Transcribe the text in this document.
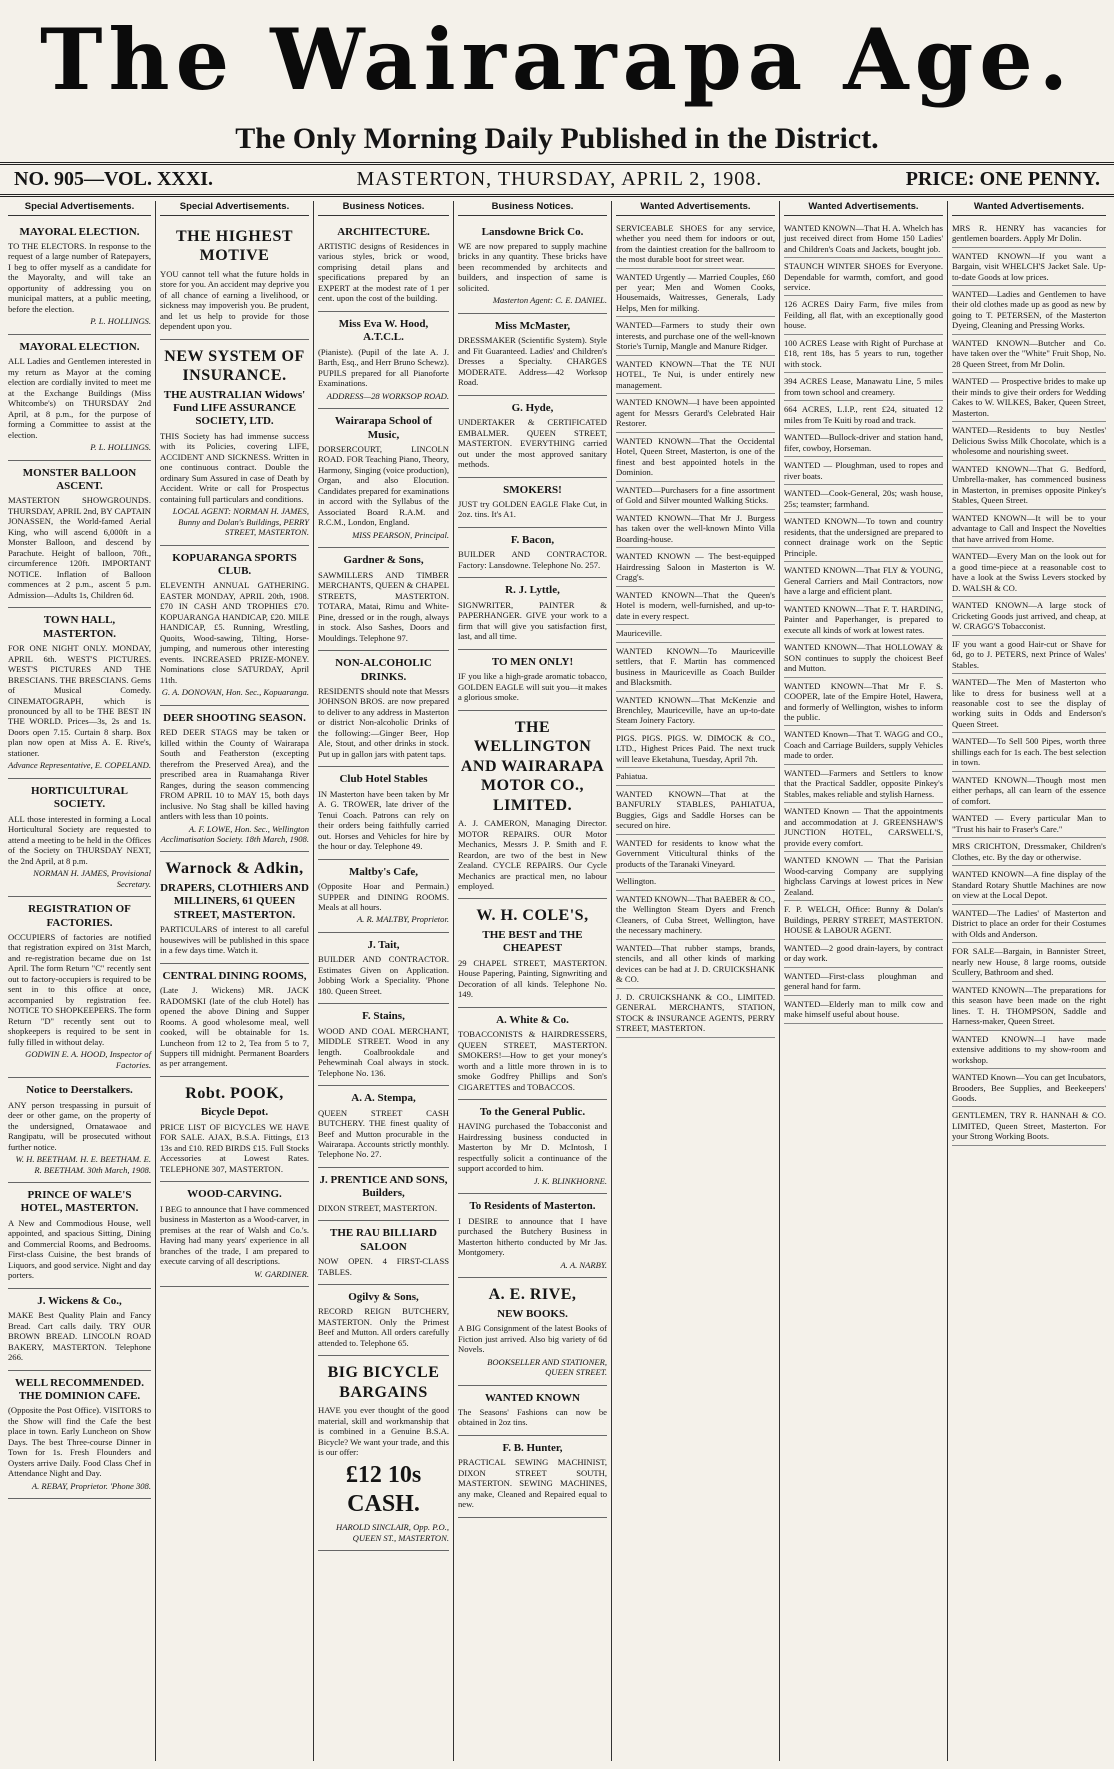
The Wairarapa Age.
The Only Morning Daily Published in the District.
NO. 905—VOL. XXXI.	MASTERTON, THURSDAY, APRIL 2, 1908.	PRICE: ONE PENNY.
Special Advertisements.
MAYORAL ELECTION.
TO THE ELECTORS. In response to the request of a large number of Ratepayers, I beg to offer myself as a candidate for the Mayoralty, and will take an opportunity of addressing you on municipal matters, at a public meeting, before the election.
P. L. HOLLINGS.
MAYORAL ELECTION.
ALL Ladies and Gentlemen interested in my return as Mayor at the coming election are cordially invited to meet me at the Exchange Buildings (Miss Whitcombe's) on THURSDAY 2nd April, at 8 p.m., for the purpose of forming a Committee to assist at the election.
P. L. HOLLINGS.
MONSTER BALLOON ASCENT.
MASTERTON SHOWGROUNDS. THURSDAY, APRIL 2nd, BY CAPTAIN JONASSEN, the World-famed Aerial King, who will ascend 6,000ft in a Monster Balloon, and descend by Parachute. Height of balloon, 70ft., circumference 120ft. IMPORTANT NOTICE. Inflation of Balloon commences at 2 p.m., ascent 5 p.m. Admission—Adults 1s, Children 6d.
TOWN HALL, MASTERTON.
FOR ONE NIGHT ONLY. MONDAY, APRIL 6th. WEST'S PICTURES. WEST'S PICTURES AND THE BRESCIANS. THE BRESCIANS. Gems of Musical Comedy. CINEMATOGRAPH, which is pronounced by all to be THE BEST IN THE WORLD. Prices—3s, 2s and 1s. Doors open 7.15. Curtain 8 sharp. Box plan now open at Miss A. E. Rive's, stationer.
Advance Representative, E. COPELAND.
HORTICULTURAL SOCIETY.
ALL those interested in forming a Local Horticultural Society are requested to attend a meeting to be held in the Offices of the Society on THURSDAY NEXT, the 2nd April, at 8 p.m.
NORMAN H. JAMES, Provisional Secretary.
REGISTRATION OF FACTORIES.
OCCUPIERS of factories are notified that registration expired on 31st March, and re-registration became due on 1st April. The form Return "C" recently sent out to factory-occupiers is required to be sent in to this office at once, accompanied by registration fee. NOTICE TO SHOPKEEPERS. The form Return "D" recently sent out to shopkeepers is required to be sent in fully filled in without delay.
GODWIN E. A. HOOD, Inspector of Factories.
Notice to Deerstalkers.
ANY person trespassing in pursuit of deer or other game, on the property of the undersigned, Ornatawaoe and Rangipatu, will be prosecuted without further notice.
W. H. BEETHAM. H. E. BEETHAM. E. R. BEETHAM. 30th March, 1908.
PRINCE OF WALE'S HOTEL, MASTERTON.
A New and Commodious House, well appointed, and spacious Sitting, Dining and Commercial Rooms, and Bedrooms. First-class Cuisine, the best brands of Liquors, and good service. Night and day porters.
J. Wickens & Co.,
MAKE Best Quality Plain and Fancy Bread. Cart calls daily. TRY OUR BROWN BREAD. LINCOLN ROAD BAKERY, MASTERTON. Telephone 266.
WELL RECOMMENDED. THE DOMINION CAFE.
(Opposite the Post Office). VISITORS to the Show will find the Cafe the best place in town. Early Luncheon on Show Days. The best Three-course Dinner in Town for 1s. Fresh Flounders and Oysters arrive Daily. Food Class Chef in Attendance Night and Day.
A. REBAY, Proprietor. 'Phone 308.
Special Advertisements.
THE HIGHEST MOTIVE
YOU cannot tell what the future holds in store for you. An accident may deprive you of all chance of earning a livelihood, or sickness may impoverish you. Be prudent, and let us help to provide for those dependent upon you.
NEW SYSTEM OF INSURANCE.
THE AUSTRALIAN Widows' Fund LIFE ASSURANCE SOCIETY, LTD.
THIS Society has had immense success with its Policies, covering LIFE, ACCIDENT AND SICKNESS. Written in one continuous contract. Double the ordinary Sum Assured in case of Death by Accident. Write or call for Prospectus containing full particulars and conditions.
LOCAL AGENT: NORMAN H. JAMES, Bunny and Dolan's Buildings, PERRY STREET, MASTERTON.
KOPUARANGA SPORTS CLUB.
ELEVENTH ANNUAL GATHERING. EASTER MONDAY, APRIL 20th, 1908. £70 IN CASH AND TROPHIES £70. KOPUARANGA HANDICAP, £20. MILE HANDICAP, £5. Running, Wrestling, Quoits, Wood-sawing, Tilting, Horse-jumping, and numerous other interesting events. INCREASED PRIZE-MONEY. Nominations close SATURDAY, April 11th.
G. A. DONOVAN, Hon. Sec., Kopuaranga.
DEER SHOOTING SEASON.
RED DEER STAGS may be taken or killed within the County of Wairarapa South and Featherston (excepting therefrom the Preserved Area), and the prescribed area in Ruamahanga River Ranges, during the season commencing FROM APRIL 10 to MAY 15, both days inclusive. No Stag shall be killed having antlers with less than 10 points.
A. F. LOWE, Hon. Sec., Wellington Acclimatisation Society. 18th March, 1908.
Warnock & Adkin,
DRAPERS, CLOTHIERS AND MILLINERS, 61 QUEEN STREET, MASTERTON.
PARTICULARS of interest to all careful housewives will be published in this space in a few days time. Watch it.
CENTRAL DINING ROOMS,
(Late J. Wickens) MR. JACK RADOMSKI (late of the club Hotel) has opened the above Dining and Supper Rooms. A good wholesome meal, well cooked, will be obtainable for 1s. Luncheon from 12 to 2, Tea from 5 to 7, Suppers till midnight. Permanent Boarders as per arrangement.
Robt. POOK,
Bicycle Depot.
PRICE LIST OF BICYCLES WE HAVE FOR SALE. AJAX, B.S.A. Fittings, £13 13s and £10. RED BIRDS £15. Full Stocks Accessories at Lowest Rates. TELEPHONE 307, MASTERTON.
WOOD-CARVING.
I BEG to announce that I have commenced business in Masterton as a Wood-carver, in premises at the rear of Walsh and Co.'s. Having had many years' experience in all branches of the trade, I am prepared to execute carving of all descriptions.
W. GARDINER.
Business Notices.
ARCHITECTURE.
ARTISTIC designs of Residences in various styles, brick or wood, comprising detail plans and specifications prepared by an EXPERT at the modest rate of 1 per cent. upon the cost of the building.
Miss Eva W. Hood, A.T.C.L.
(Pianiste). (Pupil of the late A. J. Barth, Esq., and Herr Bruno Schewz). PUPILS prepared for all Pianoforte Examinations.
ADDRESS—28 WORKSOP ROAD.
Wairarapa School of Music,
DORSERCOURT, LINCOLN ROAD. FOR Teaching Piano, Theory, Harmony, Singing (voice production), Organ, and also Elocution. Candidates prepared for examinations in accord with the Syllabus of the Associated Board R.A.M. and R.C.M., London, England.
MISS PEARSON, Principal.
Gardner & Sons,
SAWMILLERS AND TIMBER MERCHANTS, QUEEN & CHAPEL STREETS, MASTERTON. TOTARA, Matai, Rimu and White-Pine, dressed or in the rough, always in stock. Also Sashes, Doors and Mouldings. Telephone 97.
NON-ALCOHOLIC DRINKS.
RESIDENTS should note that Messrs JOHNSON BROS. are now prepared to deliver to any address in Masterton or district Non-alcoholic Drinks of the following:—Ginger Beer, Hop Ale, Stout, and other drinks in stock. Put up in gallon jars with patent taps.
Club Hotel Stables
IN Masterton have been taken by Mr A. G. TROWER, late driver of the Tenui Coach. Patrons can rely on their orders being faithfully carried out. Horses and Vehicles for hire by the hour or day. Telephone 49.
Maltby's Cafe,
(Opposite Hoar and Permain.) SUPPER and DINING ROOMS. Meals at all hours.
A. R. MALTBY, Proprietor.
J. Tait,
BUILDER AND CONTRACTOR. Estimates Given on Application. Jobbing Work a Speciality. 'Phone 180. Queen Street.
F. Stains,
WOOD AND COAL MERCHANT, MIDDLE STREET. Wood in any length. Coalbrookdale and Pehewminah Coal always in stock. Telephone No. 136.
A. A. Stempa,
QUEEN STREET CASH BUTCHERY. THE finest quality of Beef and Mutton procurable in the Wairarapa. Accounts strictly monthly. Telephone No. 27.
J. PRENTICE AND SONS, Builders,
DIXON STREET, MASTERTON.
THE RAU BILLIARD SALOON
NOW OPEN. 4 FIRST-CLASS TABLES.
Ogilvy & Sons,
RECORD REIGN BUTCHERY, MASTERTON. Only the Primest Beef and Mutton. All orders carefully attended to. Telephone 65.
BIG BICYCLE BARGAINS
HAVE you ever thought of the good material, skill and workmanship that is combined in a Genuine B.S.A. Bicycle? We want your trade, and this is our offer:
£12 10s CASH.
HAROLD SINCLAIR, Opp. P.O., QUEEN ST., MASTERTON.
Business Notices.
Lansdowne Brick Co.
WE are now prepared to supply machine bricks in any quantity. These bricks have been recommended by architects and builders, and inspection of same is solicited.
Masterton Agent: C. E. DANIEL.
Miss McMaster,
DRESSMAKER (Scientific System). Style and Fit Guaranteed. Ladies' and Children's Dresses a Specialty. CHARGES MODERATE. Address—42 Worksop Road.
G. Hyde,
UNDERTAKER & CERTIFICATED EMBALMER. QUEEN STREET, MASTERTON. EVERYTHING carried out under the most approved sanitary methods.
SMOKERS!
JUST try GOLDEN EAGLE Flake Cut, in 2oz. tins. It's A1.
F. Bacon,
BUILDER AND CONTRACTOR. Factory: Lansdowne. Telephone No. 257.
R. J. Lyttle,
SIGNWRITER, PAINTER & PAPERHANGER. GIVE your work to a firm that will give you satisfaction first, last, and all time.
TO MEN ONLY!
IF you like a high-grade aromatic tobacco, GOLDEN EAGLE will suit you—it makes a glorious smoke.
THE WELLINGTON AND WAIRARAPA MOTOR CO., LIMITED.
A. J. CAMERON, Managing Director. MOTOR REPAIRS. OUR Motor Mechanics, Messrs J. P. Smith and F. Reardon, are two of the best in New Zealand. CYCLE REPAIRS. Our Cycle Mechanics are practical men, no labour employed.
W. H. COLE'S,
THE BEST and THE CHEAPEST
29 CHAPEL STREET, MASTERTON. House Papering, Painting, Signwriting and Decoration of all kinds. Telephone No. 149.
A. White & Co.
TOBACCONISTS & HAIRDRESSERS, QUEEN STREET, MASTERTON. SMOKERS!—How to get your money's worth and a little more thrown in is to smoke Godfrey Phillips and Son's CIGARETTES and TOBACCOS.
To the General Public.
HAVING purchased the Tobacconist and Hairdressing business conducted in Masterton by Mr D. McIntosh, I respectfully solicit a continuance of the support accorded to him.
J. K. BLINKHORNE.
To Residents of Masterton.
I DESIRE to announce that I have purchased the Butchery Business in Masterton hitherto conducted by Mr Jas. Montgomery.
A. A. NARBY.
A. E. RIVE,
NEW BOOKS.
A BIG Consignment of the latest Books of Fiction just arrived. Also big variety of 6d Novels.
BOOKSELLER AND STATIONER, QUEEN STREET.
WANTED KNOWN
The Seasons' Fashions can now be obtained in 2oz tins.
F. B. Hunter,
PRACTICAL SEWING MACHINIST, DIXON STREET SOUTH, MASTERTON. SEWING MACHINES, any make, Cleaned and Repaired equal to new.
Wanted Advertisements.
SERVICEABLE SHOES for any service, whether you need them for indoors or out, from the daintiest creation for the ballroom to the most durable boot for street wear.
WANTED Urgently — Married Couples, £60 per year; Men and Women Cooks, Housemaids, Waitresses, Generals, Lady Helps, Men for milking.
WANTED—Farmers to study their own interests, and purchase one of the well-known Storie's Turnip, Mangle and Manure Ridger.
WANTED KNOWN—That the TE NUI HOTEL, Te Nui, is under entirely new management.
WANTED KNOWN—I have been appointed agent for Messrs Gerard's Celebrated Hair Restorer.
WANTED KNOWN—That the Occidental Hotel, Queen Street, Masterton, is one of the finest and best appointed hotels in the Dominion.
WANTED—Purchasers for a fine assortment of Gold and Silver mounted Walking Sticks.
WANTED KNOWN—That Mr J. Burgess has taken over the well-known Minto Villa Boarding-house.
WANTED KNOWN — The best-equipped Hairdressing Saloon in Masterton is W. Cragg's.
WANTED KNOWN—That the Queen's Hotel is modern, well-furnished, and up-to-date in every respect.
Mauriceville.
WANTED KNOWN—To Mauriceville settlers, that F. Martin has commenced business in Mauriceville as Coach Builder and Blacksmith.
WANTED KNOWN—That McKenzie and Brenchley, Mauriceville, have an up-to-date Steam Joinery Factory.
PIGS. PIGS. PIGS. W. DIMOCK & CO., LTD., Highest Prices Paid. The next truck will leave Eketahuna, Tuesday, April 7th.
Pahiatua.
WANTED KNOWN—That at the BANFURLY STABLES, PAHIATUA, Buggies, Gigs and Saddle Horses can be secured on hire.
WANTED for residents to know what the Government Viticultural thinks of the products of the Taranaki Vineyard.
Wellington.
WANTED KNOWN—That BAEBER & CO., the Wellington Steam Dyers and French Cleaners, of Cuba Street, Wellington, have the necessary machinery.
WANTED—That rubber stamps, brands, stencils, and all other kinds of marking devices can be had at J. D. CRUICKSHANK & CO.
J. D. CRUICKSHANK & CO., LIMITED. GENERAL MERCHANTS, STATION, STOCK & INSURANCE AGENTS, PERRY STREET, MASTERTON.
Wanted Advertisements.
WANTED KNOWN—That H. A. Whelch has just received direct from Home 150 Ladies' and Children's Coats and Jackets, bought job.
STAUNCH WINTER SHOES for Everyone. Dependable for warmth, comfort, and good service.
126 ACRES Dairy Farm, five miles from Feilding, all flat, with an exceptionally good house.
100 ACRES Lease with Right of Purchase at £18, rent 18s, has 5 years to run, together with stock.
394 ACRES Lease, Manawatu Line, 5 miles from town school and creamery.
664 ACRES, L.I.P., rent £24, situated 12 miles from Te Kuiti by road and track.
WANTED—Bullock-driver and station hand, fifer, cowboy, Horseman.
WANTED — Ploughman, used to ropes and river boats.
WANTED—Cook-General, 20s; wash house, 25s; teamster; farmhand.
WANTED KNOWN—To town and country residents, that the undersigned are prepared to connect drainage work on the Septic Principle.
WANTED KNOWN—That FLY & YOUNG, General Carriers and Mail Contractors, now have a large and efficient plant.
WANTED KNOWN—That F. T. HARDING, Painter and Paperhanger, is prepared to execute all kinds of work at lowest rates.
WANTED KNOWN—That HOLLOWAY & SON continues to supply the choicest Beef and Mutton.
WANTED KNOWN—That Mr F. S. COOPER, late of the Empire Hotel, Hawera, and formerly of Wellington, wishes to inform the public.
WANTED Known—That T. WAGG and CO., Coach and Carriage Builders, supply Vehicles made to order.
WANTED—Farmers and Settlers to know that the Practical Saddler, opposite Pinkey's Stables, makes reliable and stylish Harness.
WANTED Known — That the appointments and accommodation at J. GREENSHAW'S JUNCTION HOTEL, CARSWELL'S, provide every comfort.
WANTED KNOWN — That the Parisian Wood-carving Company are supplying highclass Carvings at lowest prices in New Zealand.
F. P. WELCH, Office: Bunny & Dolan's Buildings, PERRY STREET, MASTERTON. HOUSE & LABOUR AGENT.
WANTED—2 good drain-layers, by contract or day work.
WANTED—First-class ploughman and general hand for farm.
WANTED—Elderly man to milk cow and make himself useful about house.
Wanted Advertisements.
MRS R. HENRY has vacancies for gentlemen boarders. Apply Mr Dolin.
WANTED KNOWN—If you want a Bargain, visit WHELCH'S Jacket Sale. Up-to-date Goods at low prices.
WANTED—Ladies and Gentlemen to have their old clothes made up as good as new by going to T. PETERSEN, of the Masterton Dyeing, Cleaning and Pressing Works.
WANTED KNOWN—Butcher and Co. have taken over the "White" Fruit Shop, No. 28 Queen Street, from Mr Dolin.
WANTED — Prospective brides to make up their minds to give their orders for Wedding Cakes to W. WILKES, Baker, Queen Street, Masterton.
WANTED—Residents to buy Nestles' Delicious Swiss Milk Chocolate, which is a wholesome and nourishing sweet.
WANTED KNOWN—That G. Bedford, Umbrella-maker, has commenced business in Masterton, in premises opposite Pinkey's Stables, Queen Street.
WANTED KNOWN—It will be to your advantage to Call and Inspect the Novelties that have arrived from Home.
WANTED—Every Man on the look out for a good time-piece at a reasonable cost to have a look at the Swiss Levers stocked by D. WALSH & CO.
WANTED KNOWN—A large stock of Cricketing Goods just arrived, and cheap, at W. CRAGG'S Tobacconist.
IF you want a good Hair-cut or Shave for 6d, go to J. PETERS, next Prince of Wales' Stables.
WANTED—The Men of Masterton who like to dress for business well at a reasonable cost to see the display of working suits in Odds and Enderson's Queen Street.
WANTED—To Sell 500 Pipes, worth three shillings each for 1s each. The best selection in town.
WANTED KNOWN—Though most men either perhaps, all can learn of the essence of comfort.
WANTED — Every particular Man to "Trust his hair to Fraser's Care."
MRS CRICHTON, Dressmaker, Children's Clothes, etc. By the day or otherwise.
WANTED KNOWN—A fine display of the Standard Rotary Shuttle Machines are now on view at the Local Depot.
WANTED—The Ladies' of Masterton and District to place an order for their Costumes with Olds and Anderson.
FOR SALE—Bargain, in Bannister Street, nearly new House, 8 large rooms, outside Scullery, Bathroom and shed.
WANTED KNOWN—The preparations for this season have been made on the right lines. T. H. THOMPSON, Saddle and Harness-maker, Queen Street.
WANTED KNOWN—I have made extensive additions to my show-room and workshop.
WANTED Known—You can get Incubators, Brooders, Bee Supplies, and Beekeepers' Goods.
GENTLEMEN, TRY R. HANNAH & CO. LIMITED, Queen Street, Masterton. For your Strong Working Boots.
